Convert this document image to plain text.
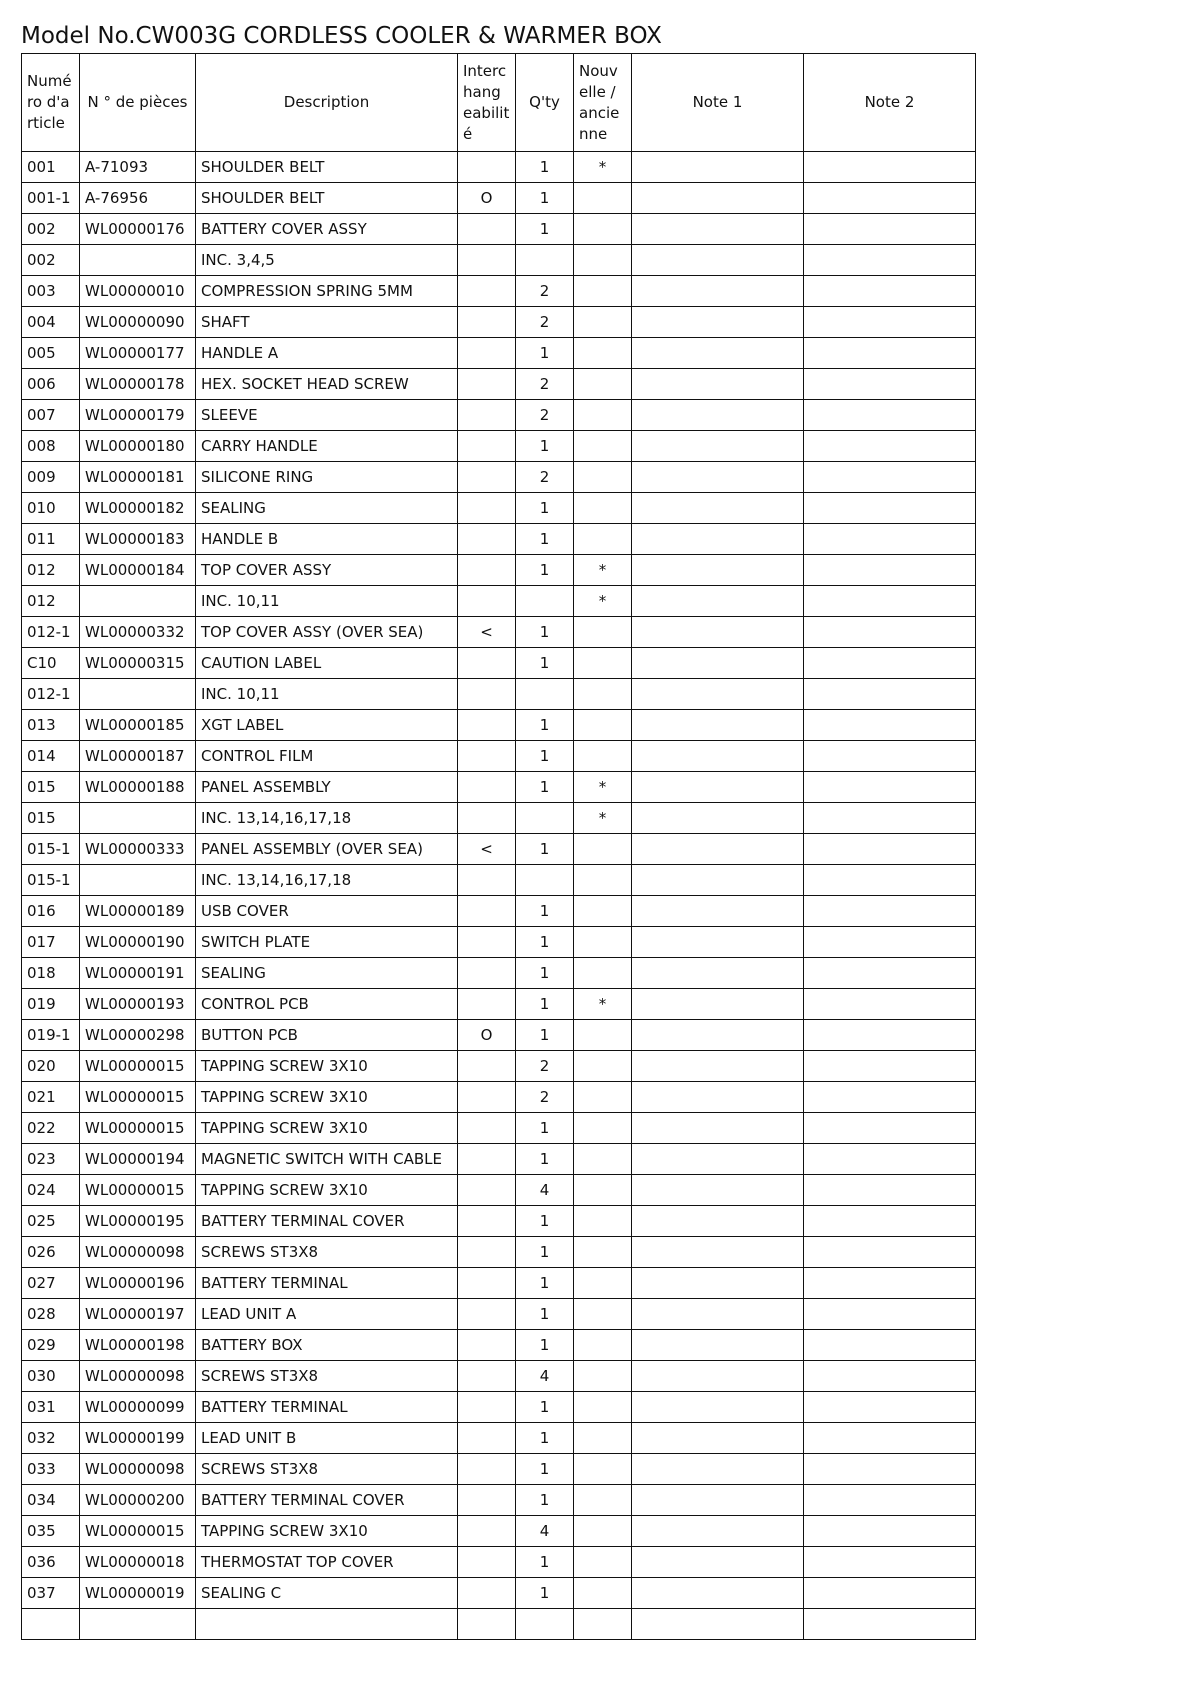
Model No.CW003G CORDLESS COOLER & WARMER BOX
Numé ro d'a rticle	N ° de pièces	Description	Interc hang eabilit é	Q'ty	Nouv elle / ancie nne	Note 1	Note 2
001	A-71093	SHOULDER BELT		1	*		
001-1	A-76956	SHOULDER BELT	O	1			
002	WL00000176	BATTERY COVER ASSY		1			
002		INC. 3,4,5					
003	WL00000010	COMPRESSION SPRING 5MM		2			
004	WL00000090	SHAFT		2			
005	WL00000177	HANDLE A		1			
006	WL00000178	HEX. SOCKET HEAD SCREW		2			
007	WL00000179	SLEEVE		2			
008	WL00000180	CARRY HANDLE		1			
009	WL00000181	SILICONE RING		2			
010	WL00000182	SEALING		1			
011	WL00000183	HANDLE B		1			
012	WL00000184	TOP COVER ASSY		1	*		
012		INC. 10,11			*		
012-1	WL00000332	TOP COVER ASSY (OVER SEA)	<	1			
C10	WL00000315	CAUTION LABEL		1			
012-1		INC. 10,11					
013	WL00000185	XGT LABEL		1			
014	WL00000187	CONTROL FILM		1			
015	WL00000188	PANEL ASSEMBLY		1	*		
015		INC. 13,14,16,17,18			*		
015-1	WL00000333	PANEL ASSEMBLY (OVER SEA)	<	1			
015-1		INC. 13,14,16,17,18					
016	WL00000189	USB COVER		1			
017	WL00000190	SWITCH PLATE		1			
018	WL00000191	SEALING		1			
019	WL00000193	CONTROL PCB		1	*		
019-1	WL00000298	BUTTON PCB	O	1			
020	WL00000015	TAPPING SCREW 3X10		2			
021	WL00000015	TAPPING SCREW 3X10		2			
022	WL00000015	TAPPING SCREW 3X10		1			
023	WL00000194	MAGNETIC SWITCH WITH CABLE		1			
024	WL00000015	TAPPING SCREW 3X10		4			
025	WL00000195	BATTERY TERMINAL COVER		1			
026	WL00000098	SCREWS ST3X8		1			
027	WL00000196	BATTERY TERMINAL		1			
028	WL00000197	LEAD UNIT A		1			
029	WL00000198	BATTERY BOX		1			
030	WL00000098	SCREWS ST3X8		4			
031	WL00000099	BATTERY TERMINAL		1			
032	WL00000199	LEAD UNIT B		1			
033	WL00000098	SCREWS ST3X8		1			
034	WL00000200	BATTERY TERMINAL COVER		1			
035	WL00000015	TAPPING SCREW 3X10		4			
036	WL00000018	THERMOSTAT TOP COVER		1			
037	WL00000019	SEALING C		1			
